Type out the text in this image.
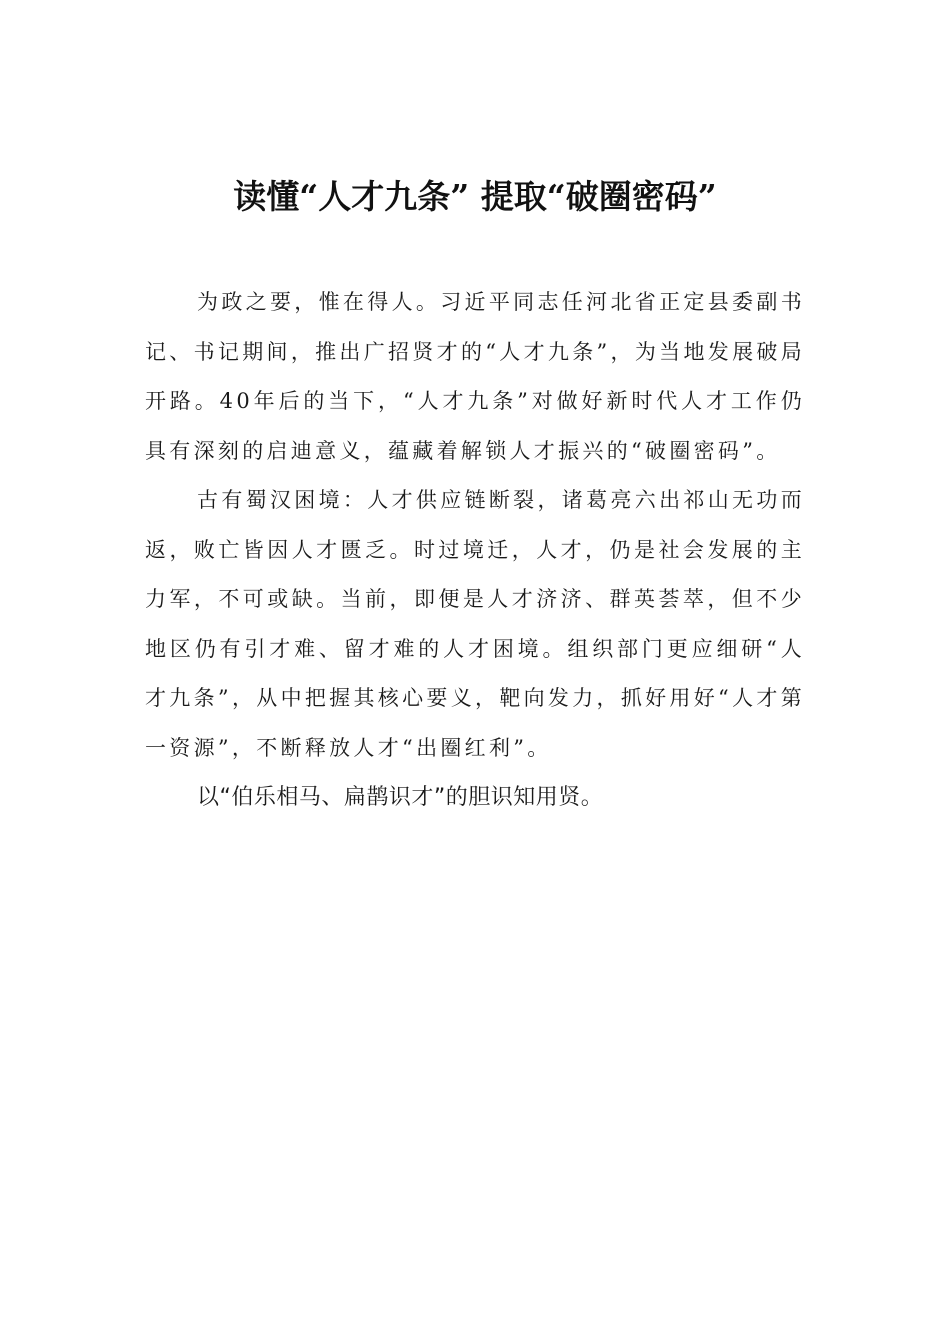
读懂“人才九条” 提取“破圈密码”

为政之要，惟在得人。习近平同志任河北省正定县委副书记、书记期间，推出广招贤才的“人才九条”，为当地发展破局开路。40年后的当下，“人才九条”对做好新时代人才工作仍具有深刻的启迪意义，蕴藏着解锁人才振兴的“破圈密码”。

古有蜀汉困境：人才供应链断裂，诸葛亮六出祁山无功而返，败亡皆因人才匮乏。时过境迁，人才，仍是社会发展的主力军，不可或缺。当前，即便是人才济济、群英荟萃，但不少地区仍有引才难、留才难的人才困境。组织部门更应细研“人才九条”，从中把握其核心要义，靶向发力，抓好用好“人才第一资源”，不断释放人才“出圈红利”。

以“伯乐相马、扁鹊识才”的胆识知用贤。
